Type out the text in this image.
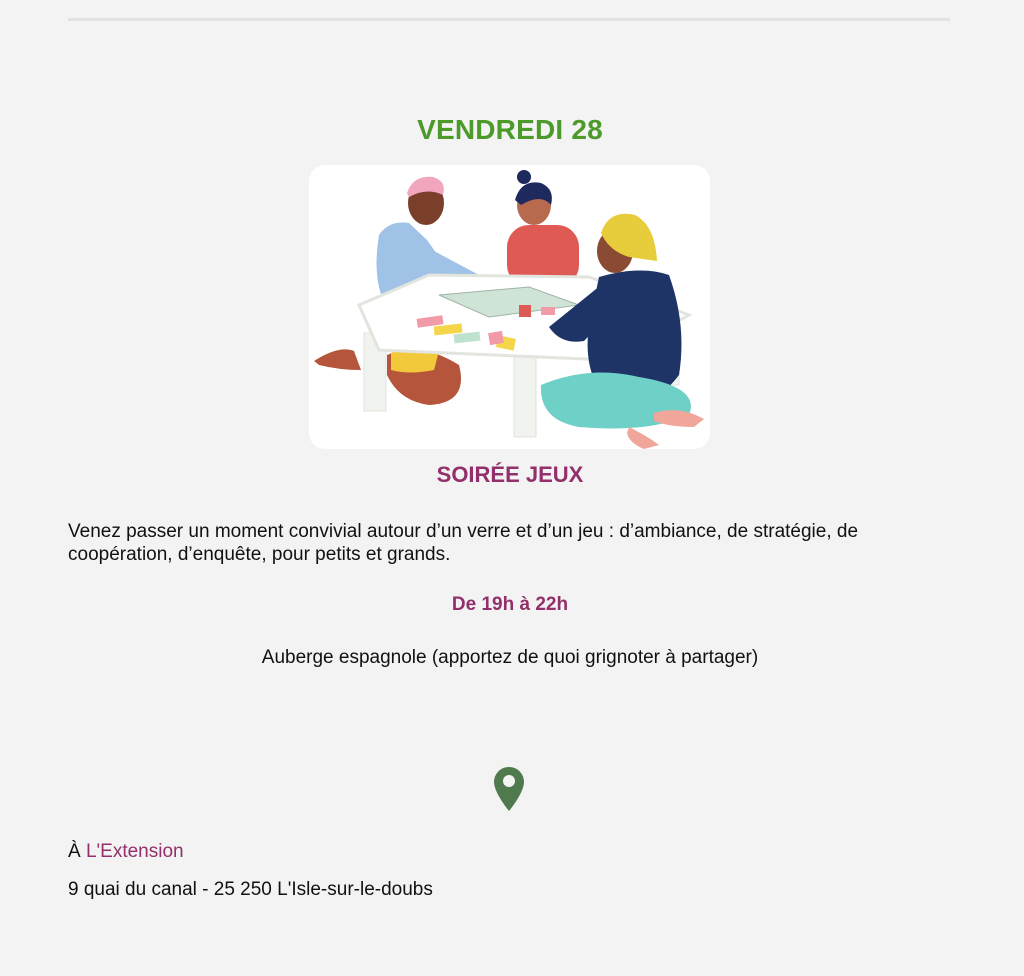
VENDREDI 28
SOIRÉE JEUX
Venez passer un moment convivial autour d’un verre et d’un jeu : d’ambiance, de stratégie, de coopération, d’enquête, pour petits et grands.
De 19h à 22h
Auberge espagnole (apportez de quoi grignoter à partager)
À L'Extension
9 quai du canal - 25 250 L'Isle-sur-le-doubs
